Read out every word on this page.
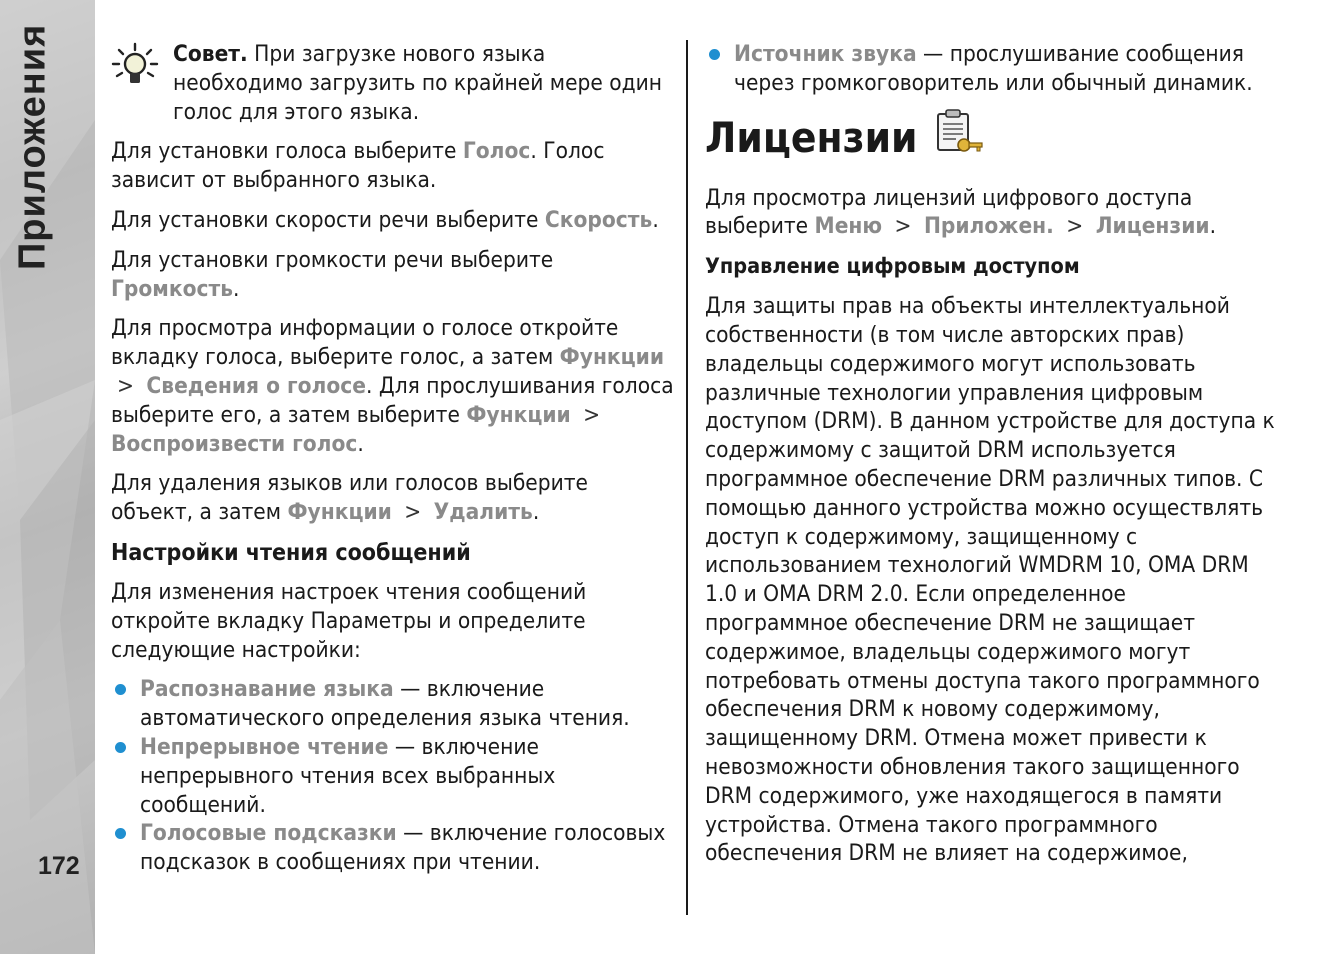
Приложения
172
Совет. При загрузке нового языка необходимо загрузить по крайней мере один голос для этого языка.

Для установки голоса выберите Голос. Голос зависит от выбранного языка.

Для установки скорости речи выберите Скорость.

Для установки громкости речи выберите Громкость.

Для просмотра информации о голосе откройте вкладку голоса, выберите голос, а затем Функции > Сведения о голосе. Для прослушивания голоса выберите его, а затем выберите Функции > Воспроизвести голос.

Для удаления языков или голосов выберите объект, а затем Функции > Удалить.

Настройки чтения сообщений

Для изменения настроек чтения сообщений откройте вкладку Параметры и определите следующие настройки:

Распознавание языка — включение автоматического определения языка чтения.
Непрерывное чтение — включение непрерывного чтения всех выбранных сообщений.
Голосовые подсказки — включение голосовых подсказок в сообщениях при чтении.
Источник звука — прослушивание сообщения через громкоговоритель или обычный динамик.
Лицензии

Для просмотра лицензий цифрового доступа выберите Меню > Приложен. > Лицензии.

Управление цифровым доступом

Для защиты прав на объекты интеллектуальной собственности (в том числе авторских прав) владельцы содержимого могут использовать различные технологии управления цифровым доступом (DRM). В данном устройстве для доступа к содержимому с защитой DRM используется программное обеспечение DRM различных типов. С помощью данного устройства можно осуществлять доступ к содержимому, защищенному с использованием технологий WMDRM 10, OMA DRM 1.0 и OMA DRM 2.0. Если определенное программное обеспечение DRM не защищает содержимое, владельцы содержимого могут потребовать отмены доступа такого программного обеспечения DRM к новому содержимому, защищенному DRM. Отмена может привести к невозможности обновления такого защищенного DRM содержимого, уже находящегося в памяти устройства. Отмена такого программного обеспечения DRM не влияет на содержимое,
